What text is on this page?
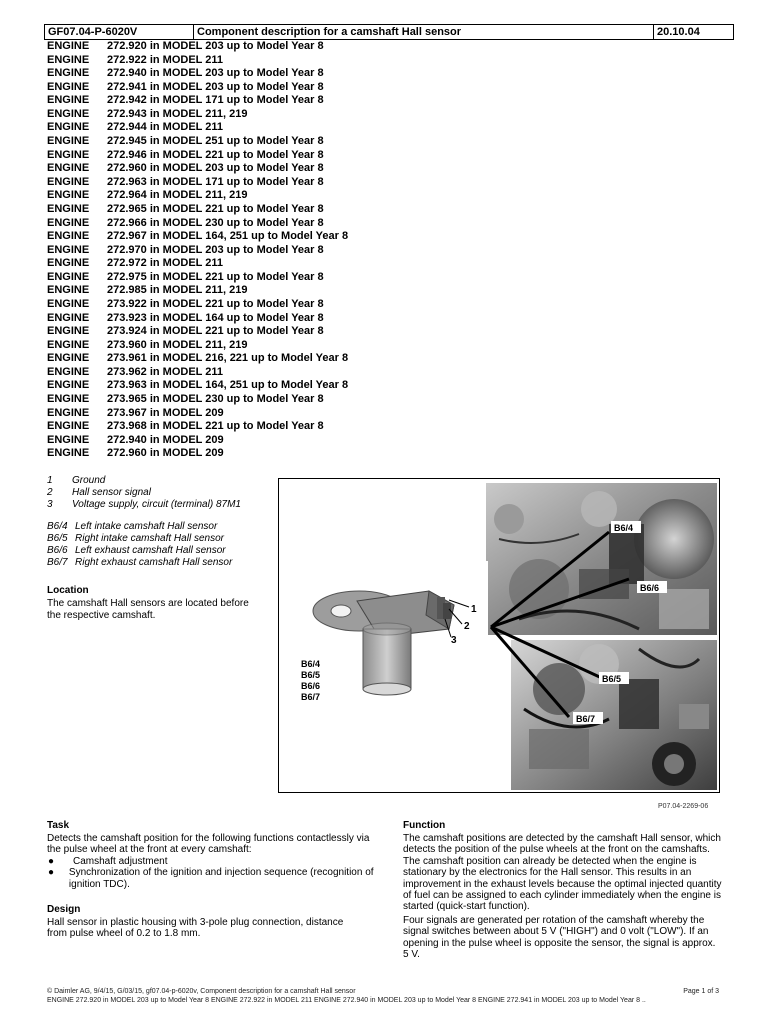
GF07.04-P-6020V	Component description for a camshaft Hall sensor	20.10.04
ENGINE	272.920 in MODEL 203 up to Model Year 8
ENGINE	272.922 in MODEL 211
ENGINE	272.940 in MODEL 203 up to Model Year 8
ENGINE	272.941 in MODEL 203 up to Model Year 8
ENGINE	272.942 in MODEL 171 up to Model Year 8
ENGINE	272.943 in MODEL 211, 219
ENGINE	272.944 in MODEL 211
ENGINE	272.945 in MODEL 251 up to Model Year 8
ENGINE	272.946 in MODEL 221 up to Model Year 8
ENGINE	272.960 in MODEL 203 up to Model Year 8
ENGINE	272.963 in MODEL 171 up to Model Year 8
ENGINE	272.964 in MODEL 211, 219
ENGINE	272.965 in MODEL 221 up to Model Year 8
ENGINE	272.966 in MODEL 230 up to Model Year 8
ENGINE	272.967 in MODEL 164, 251 up to Model Year 8
ENGINE	272.970 in MODEL 203 up to Model Year 8
ENGINE	272.972 in MODEL 211
ENGINE	272.975 in MODEL 221 up to Model Year 8
ENGINE	272.985 in MODEL 211, 219
ENGINE	273.922 in MODEL 221 up to Model Year 8
ENGINE	273.923 in MODEL 164 up to Model Year 8
ENGINE	273.924 in MODEL 221 up to Model Year 8
ENGINE	273.960 in MODEL 211, 219
ENGINE	273.961 in MODEL 216, 221 up to Model Year 8
ENGINE	273.962 in MODEL 211
ENGINE	273.963 in MODEL 164, 251 up to Model Year 8
ENGINE	273.965 in MODEL 230 up to Model Year 8
ENGINE	273.967 in MODEL 209
ENGINE	273.968 in MODEL 221 up to Model Year 8
ENGINE	272.940 in MODEL 209
ENGINE	272.960 in MODEL 209
1	Ground
2	Hall sensor signal
3	Voltage supply, circuit (terminal) 87M1
B6/4 Left intake camshaft Hall sensor
B6/5 Right intake camshaft Hall sensor
B6/6 Left exhaust camshaft Hall sensor
B6/7 Right exhaust camshaft Hall sensor
Location
The camshaft Hall sensors are located before the respective camshaft.
1
2
3
B6/4
B6/6
B6/5
B6/7
B6/4
B6/5
B6/6
B6/7
P07.04-2269-06
Task
Detects the camshaft position for the following functions contactlessly via the pulse wheel at the front at every camshaft:
●	Camshaft adjustment
●	Synchronization of the ignition and injection sequence (recognition of ignition TDC).
Design
Hall sensor in plastic housing with 3-pole plug connection, distance from pulse wheel of 0.2 to 1.8 mm.
Function

The camshaft positions are detected by the camshaft Hall sensor, which detects the position of the pulse wheels at the front on the camshafts. The camshaft position can already be detected when the engine is stationary by the electronics for the Hall sensor. This results in an improvement in the exhaust levels because the optimal injected quantity of fuel can be assigned to each cylinder immediately when the engine is started (quick-start function).

Four signals are generated per rotation of the camshaft whereby the signal switches between about 5 V ("HIGH") and 0 volt ("LOW"). If an opening in the pulse wheel is opposite the sensor, the signal is approx. 5 V.

© Daimler AG, 9/4/15, G/03/15, gf07.04-p-6020v, Component description for a camshaft Hall sensor	Page 1 of 3
ENGINE 272.920 in MODEL 203 up to Model Year 8 ENGINE 272.922 in MODEL 211 ENGINE 272.940 in MODEL 203 up to Model Year 8 ENGINE 272.941 in MODEL 203 up to Model Year 8 ..
